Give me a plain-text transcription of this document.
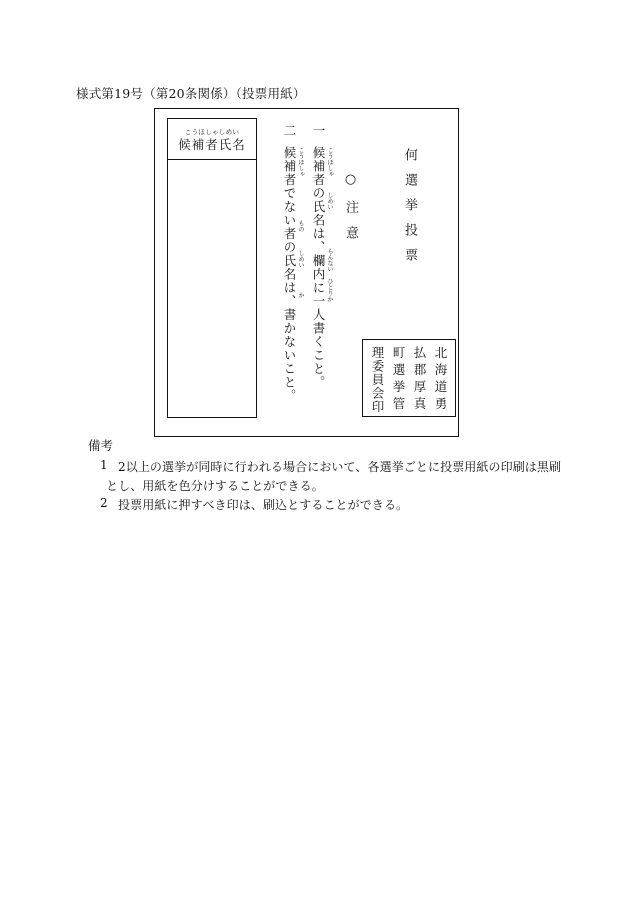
様式第19号（第20条関係）（投票用紙）
こうほしゃしめい
候補者氏名
二
候補者でない者の氏名は、書かないこと。 こうほしゃ
もの
しめい
か
一
候補者の氏名は、欄内に一人書くこと。 こうほしゃ
しめい
らんない
ひとりか
○注意	何選挙投票
北海道勇
払郡厚真
町選挙管
理委員会印
備考
1 2以上の選挙が同時に行われる場合において、各選挙ごとに投票用紙の印刷は黒刷
とし、用紙を色分けすることができる。
2 投票用紙に押すべき印は、刷込とすることができる。
